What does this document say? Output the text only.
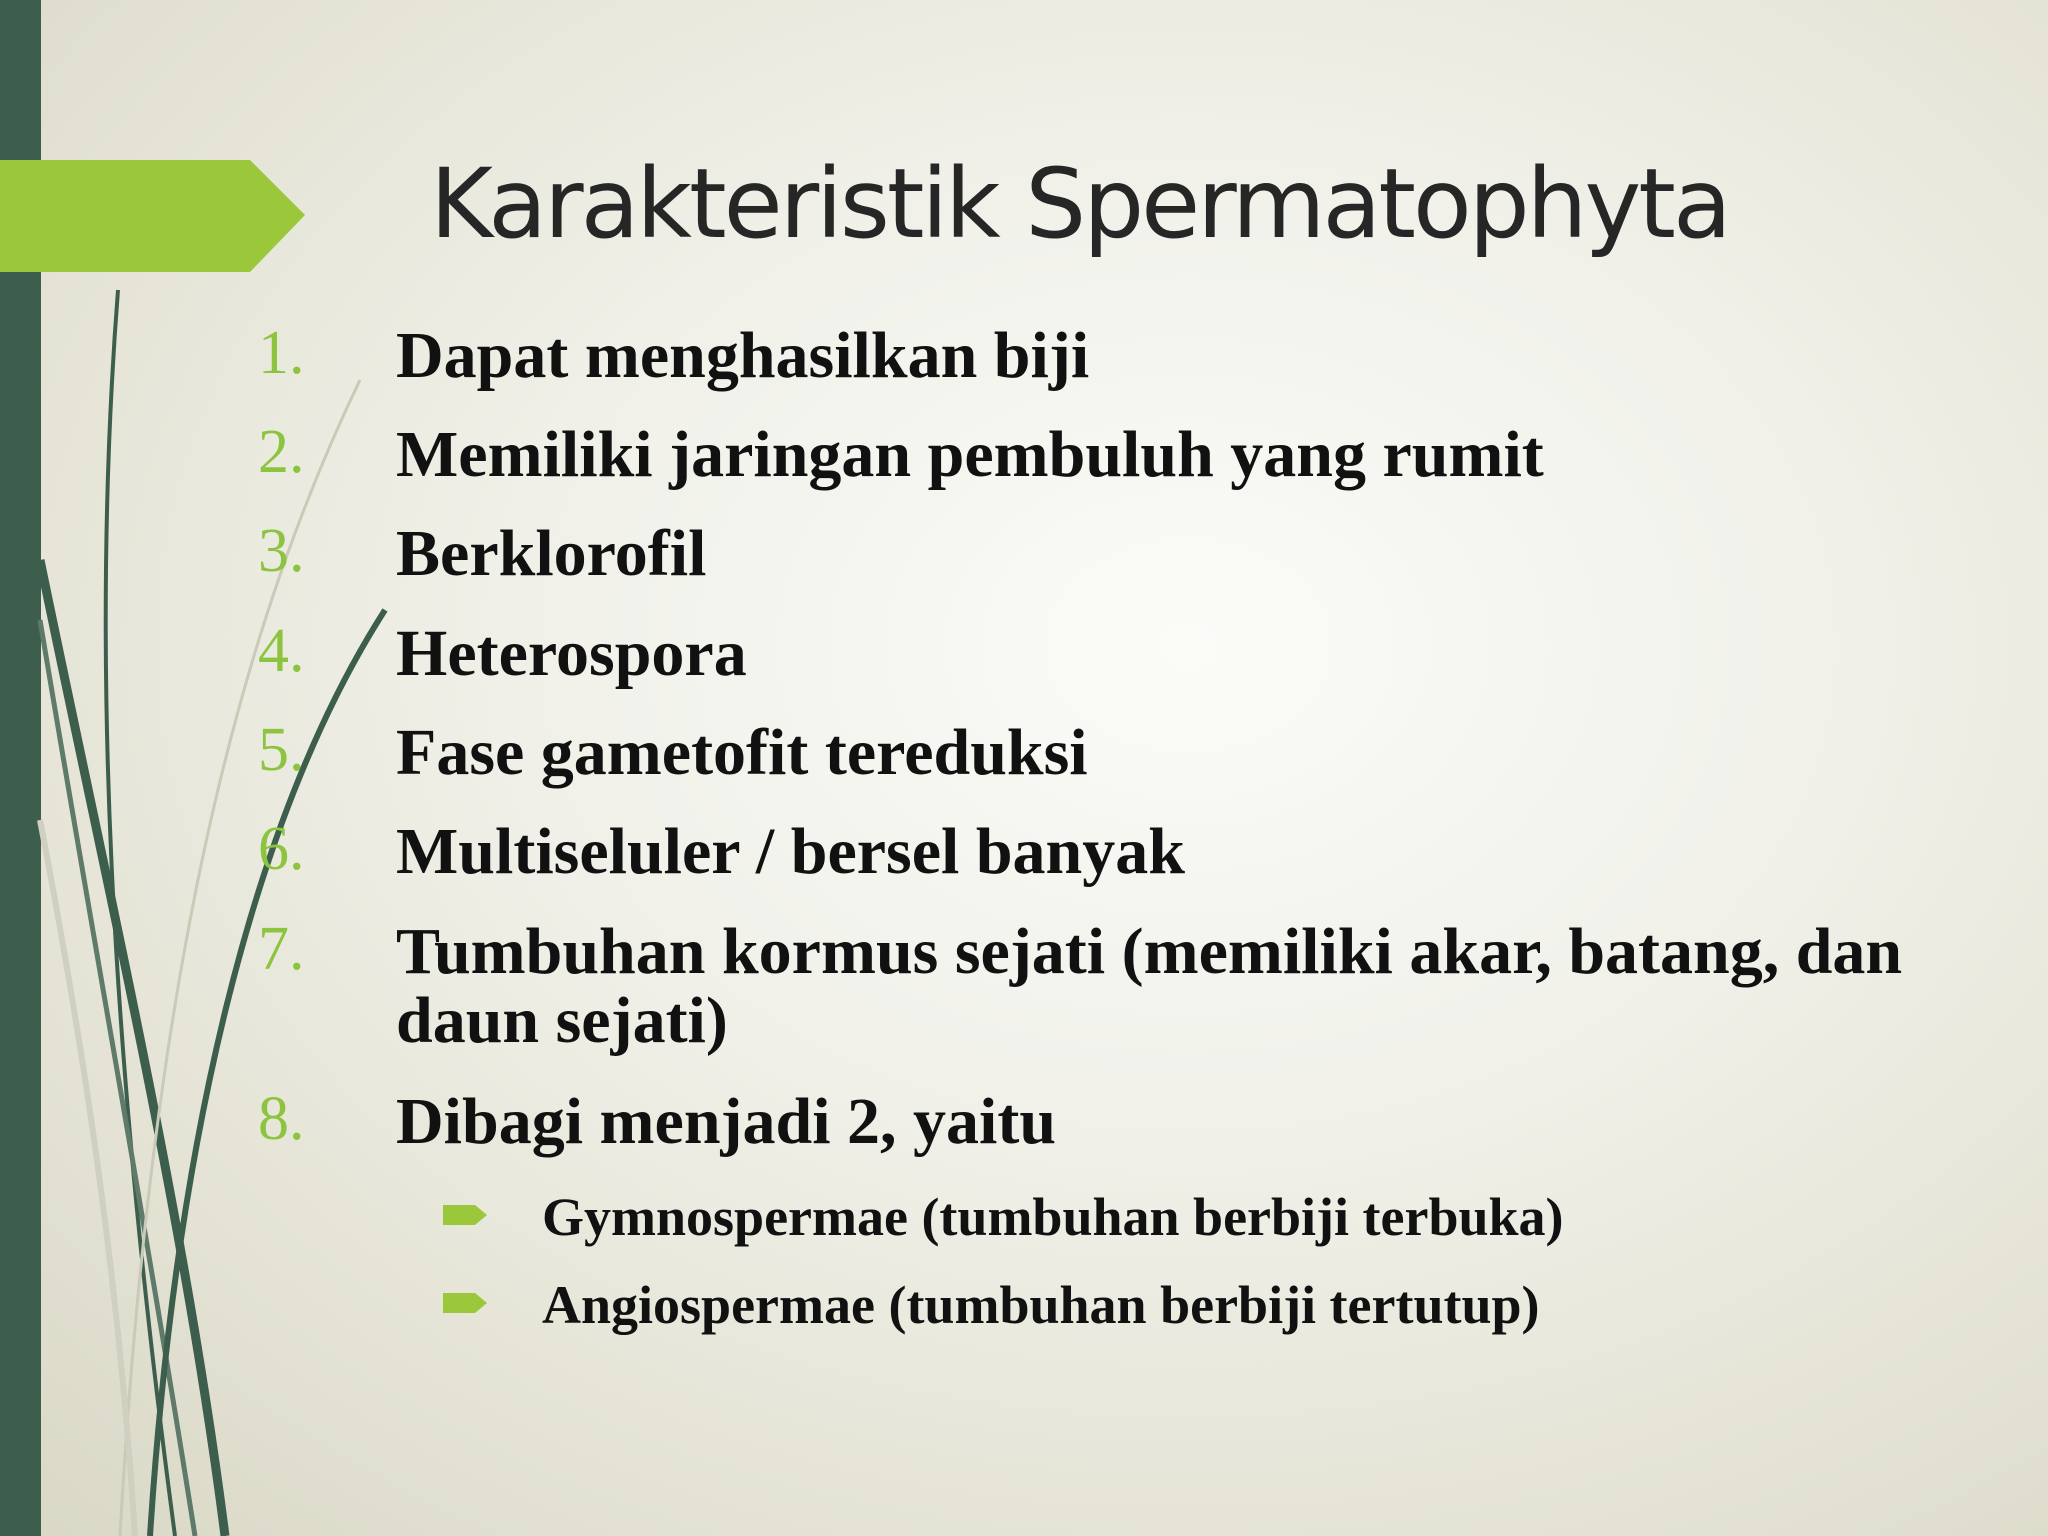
Karakteristik Spermatophyta
1. Dapat menghasilkan biji
2. Memiliki jaringan pembuluh yang rumit
3. Berklorofil
4. Heterospora
5. Fase gametofit tereduksi
6. Multiseluler / bersel banyak
7. Tumbuhan kormus sejati (memiliki akar, batang, dan daun sejati)
8. Dibagi menjadi 2, yaitu
Gymnospermae (tumbuhan berbiji terbuka)
Angiospermae (tumbuhan berbiji tertutup)
